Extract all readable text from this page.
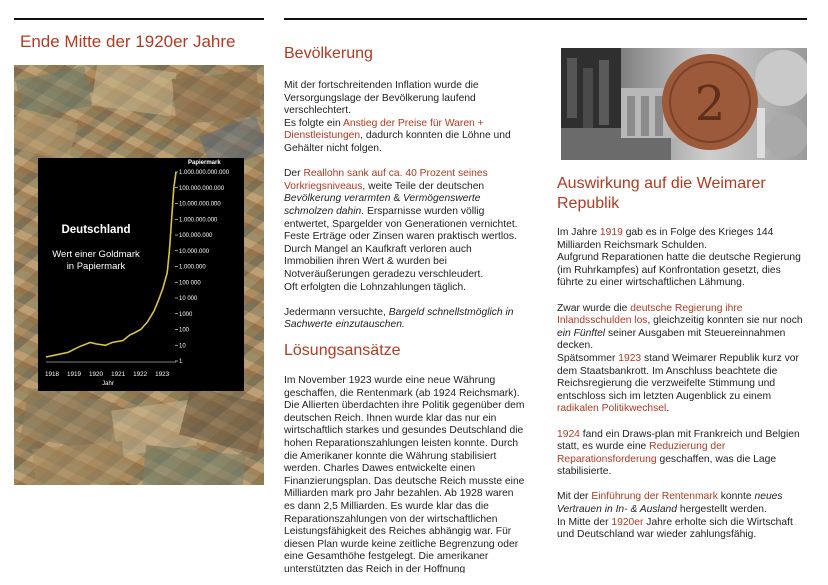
Ende Mitte der 1920er Jahre
Deutschland
Wert einer Goldmark
in Papiermark
Papiermark
1
10
100
1000
10 000
100 000
1.000.000
10.000.000
100.000.000
1.000.000.000
10.000.000.000
100.000.000.000
1.000.000.000.000
1918 1919 1920 1921 1922 1923
Jahr
Bevölkerung

Mit der fortschreitenden Inflation wurde die Versorgungslage der Bevölkerung laufend verschlechtert.
Es folgte ein Anstieg der Preise für Waren + Dienstleistungen, dadurch konnten die Löhne und Gehälter nicht folgen.

Der Reallohn sank auf ca. 40 Prozent seines Vorkriegsniveaus, weite Teile der deutschen Bevölkerung verarmten & Vermögenswerte schmolzen dahin. Ersparnisse wurden völlig entwertet, Spargelder von Generationen vernichtet. Feste Erträge oder Zinsen waren praktisch wertlos. Durch Mangel an Kaufkraft verloren auch Immobilien ihren Wert & wurden bei Notveräußerungen geradezu verschleudert.
Oft erfolgten die Lohnzahlungen täglich.

Jedermann versuchte, Bargeld schnellstmöglich in Sachwerte einzutauschen.

Lösungsansätze

Im November 1923 wurde eine neue Währung geschaffen, die Rentenmark (ab 1924 Reichsmark). Die Allierten überdachten ihre Politik gegenüber dem deutschen Reich. Ihnen wurde klar das nur ein wirtschaftlich starkes und gesundes Deutschland die hohen Reparationszahlungen leisten konnte. Durch die Amerikaner konnte die Währung stabilisiert werden. Charles Dawes entwickelte einen Finanzierungsplan. Das deutsche Reich musste eine Milliarden mark pro Jahr bezahlen. Ab 1928 waren es dann 2,5 Milliarden. Es wurde klar das die Reparationszahlungen von der wirtschaftlichen Leistungsfähigkeit des Reiches abhängig war. Für diesen Plan wurde keine zeitliche Begrenzung oder eine Gesamthöhe festgelegt. Die amerikaner unterstützten das Reich in der Hoffnung

2
Auswirkung auf die Weimarer Republik

Im Jahre 1919 gab es in Folge des Krieges 144 Milliarden Reichsmark Schulden.
Aufgrund Reparationen hatte die deutsche Regierung (im Ruhrkampfes) auf Konfrontation gesetzt, dies führte zu einer wirtschaftlichen Lähmung.

Zwar wurde die deutsche Regierung ihre Inlandsschulden los, gleichzeitig konnten sie nur noch ein Fünftel seiner Ausgaben mit Steuereinnahmen decken.
Spätsommer 1923 stand Weimarer Republik kurz vor dem Staatsbankrott. Im Anschluss beachtete die Reichsregierung die verzweifelte Stimmung und entschloss sich im letzten Augenblick zu einem radikalen Politikwechsel.

1924 fand ein Draws-plan mit Frankreich und Belgien statt, es wurde eine Reduzierung der Reparationsforderung geschaffen, was die Lage stabilisierte.

Mit der Einführung der Rentenmark konnte neues Vertrauen in In- & Ausland hergestellt werden.
In Mitte der 1920er Jahre erholte sich die Wirtschaft und Deutschland war wieder zahlungsfähig.
